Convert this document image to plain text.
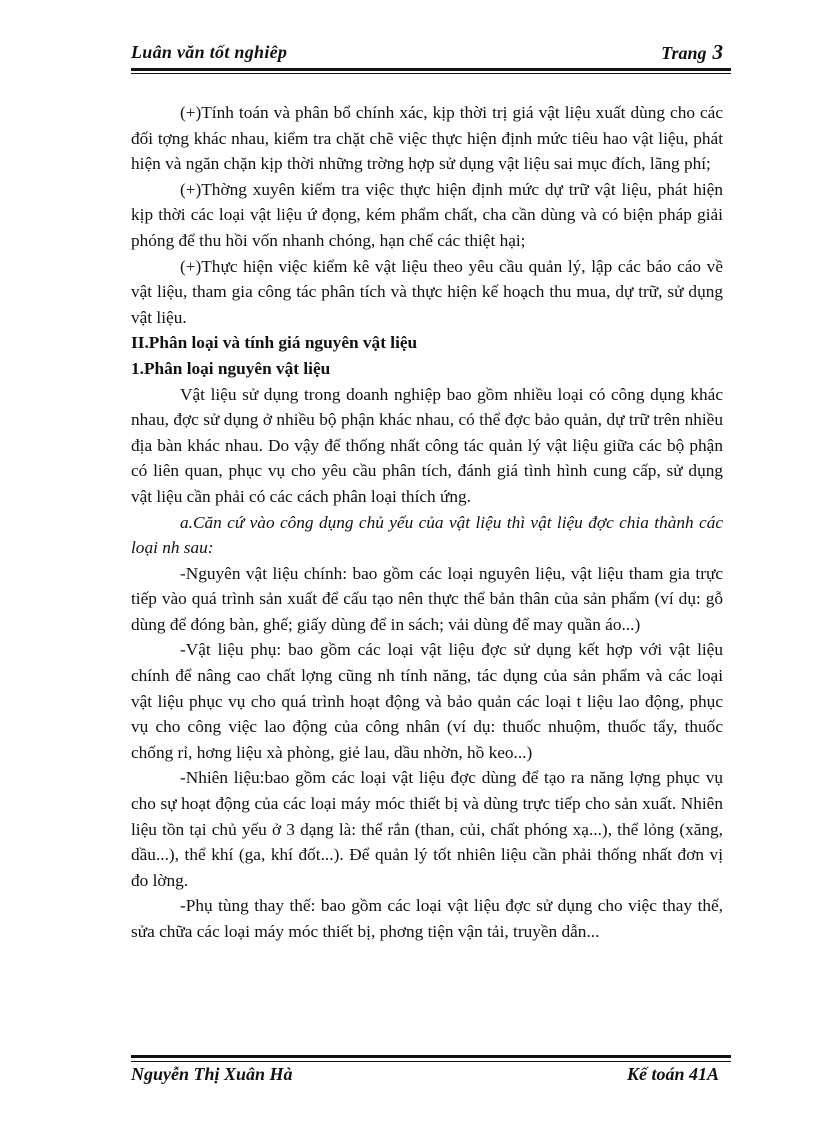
Luân văn tốt nghiêp	Trang 3

(+)Tính toán và phân bổ chính xác, kịp thời trị giá vật liệu xuất dùng cho các đối tợng khác nhau, kiểm tra chặt chẽ việc thực hiện định mức tiêu hao vật liệu, phát hiện và ngăn chặn kịp thời những trờng hợp sử dụng vật liệu sai mục đích, lãng phí;

(+)Thờng xuyên kiểm tra việc thực hiện định mức dự trữ vật liệu, phát hiện kịp thời các loại vật liệu ứ đọng, kém phẩm chất, cha cần dùng và có biện pháp giải phóng để thu hồi vốn nhanh chóng, hạn chế các thiệt hại;

(+)Thực hiện việc kiểm kê vật liệu theo yêu cầu quản lý, lập các báo cáo về vật liệu, tham gia công tác phân tích và thực hiện kế hoạch thu mua, dự trữ, sử dụng vật liệu.

II.Phân loại và tính giá nguyên vật liệu
1.Phân loại nguyên vật liệu

Vật liệu sử dụng trong doanh nghiệp bao gồm nhiều loại có công dụng khác nhau, đợc sử dụng ở nhiều bộ phận khác nhau, có thể đợc bảo quản, dự trữ trên nhiều địa bàn khác nhau. Do vậy để thống nhất công tác quản lý vật liệu giữa các bộ phận có liên quan, phục vụ cho yêu cầu phân tích, đánh giá tình hình cung cấp, sử dụng vật liệu cần phải có các cách phân loại thích ứng.

a.Căn cứ vào công dụng chủ yếu của vật liệu thì vật liệu đợc chia thành các loại nh sau:

-Nguyên vật liệu chính: bao gồm các loại nguyên liệu, vật liệu tham gia trực tiếp vào quá trình sản xuất để cấu tạo nên thực thể bản thân của sản phẩm (ví dụ: gỗ dùng để đóng bàn, ghế; giấy dùng để in sách; vải dùng để may quần áo...)

-Vật liệu phụ: bao gồm các loại vật liệu đợc sử dụng kết hợp với vật liệu chính để nâng cao chất lợng cũng nh tính năng, tác dụng của sản phẩm và các loại vật liệu phục vụ cho quá trình hoạt động và bảo quản các loại t liệu lao động, phục vụ cho công việc lao động của công nhân (ví dụ: thuốc nhuộm, thuốc tẩy, thuốc chống rỉ, hơng liệu xà phòng, giẻ lau, dầu nhờn, hồ keo...)

-Nhiên liệu:bao gồm các loại vật liệu đợc dùng để tạo ra năng lợng phục vụ cho sự hoạt động của các loại máy móc thiết bị và dùng trực tiếp cho sản xuất. Nhiên liệu tồn tại chủ yếu ở 3 dạng là: thể rắn (than, củi, chất phóng xạ...), thể lỏng (xăng, dầu...), thể khí (ga, khí đốt...). Để quản lý tốt nhiên liệu cần phải thống nhất đơn vị đo lờng.

-Phụ tùng thay thế: bao gồm các loại vật liệu đợc sử dụng cho việc thay thế, sửa chữa các loại máy móc thiết bị, phơng tiện vận tải, truyền dẫn...

Nguyễn Thị Xuân Hà	Kế toán 41A
